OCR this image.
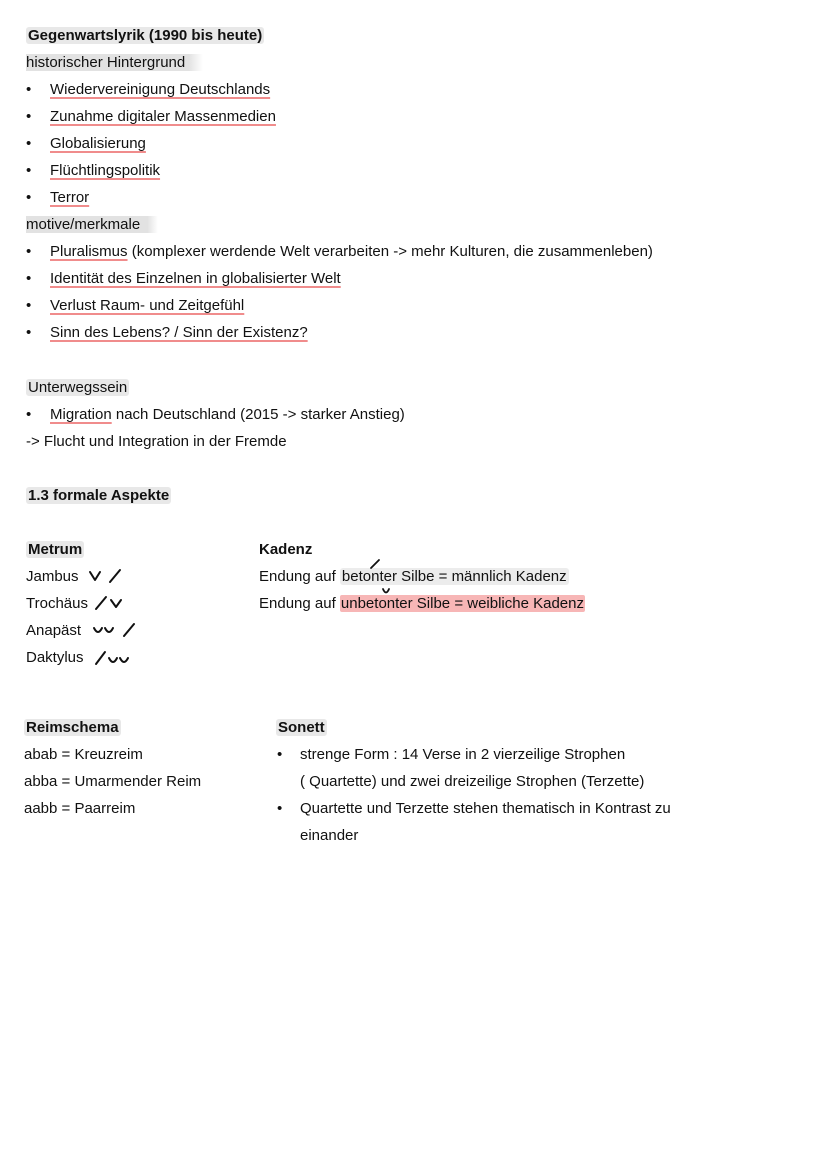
Gegenwartslyrik (1990 bis heute)
historischer Hintergrund
•
Wiedervereinigung Deutschlands
•
Zunahme digitaler Massenmedien
•
Globalisierung
•
Flüchtlingspolitik
•
Terror
motive/merkmale
•
Pluralismus (komplexer werdende Welt verarbeiten -> mehr Kulturen, die zusammenleben)
•
Identität des Einzelnen in globalisierter Welt
•
Verlust Raum- und Zeitgefühl
•
Sinn des Lebens? / Sinn der Existenz?
Unterwegssein
•
Migration nach Deutschland (2015 -> starker Anstieg)
-> Flucht und Integration in der Fremde
1.3 formale Aspekte
Metrum
Jambus
Trochäus
Anapäst
Daktylus
Kadenz
Endung auf betonter Silbe = männlich Kadenz
Endung auf unbetonter Silbe = weibliche Kadenz
Reimschema
abab = Kreuzreim
abba = Umarmender Reim
aabb = Paarreim
Sonett
• strenge Form : 14 Verse in 2 vierzeilige Strophen
( Quartette) und zwei dreizeilige Strophen (Terzette)
• Quartette und Terzette stehen thematisch in Kontrast zu
einander
